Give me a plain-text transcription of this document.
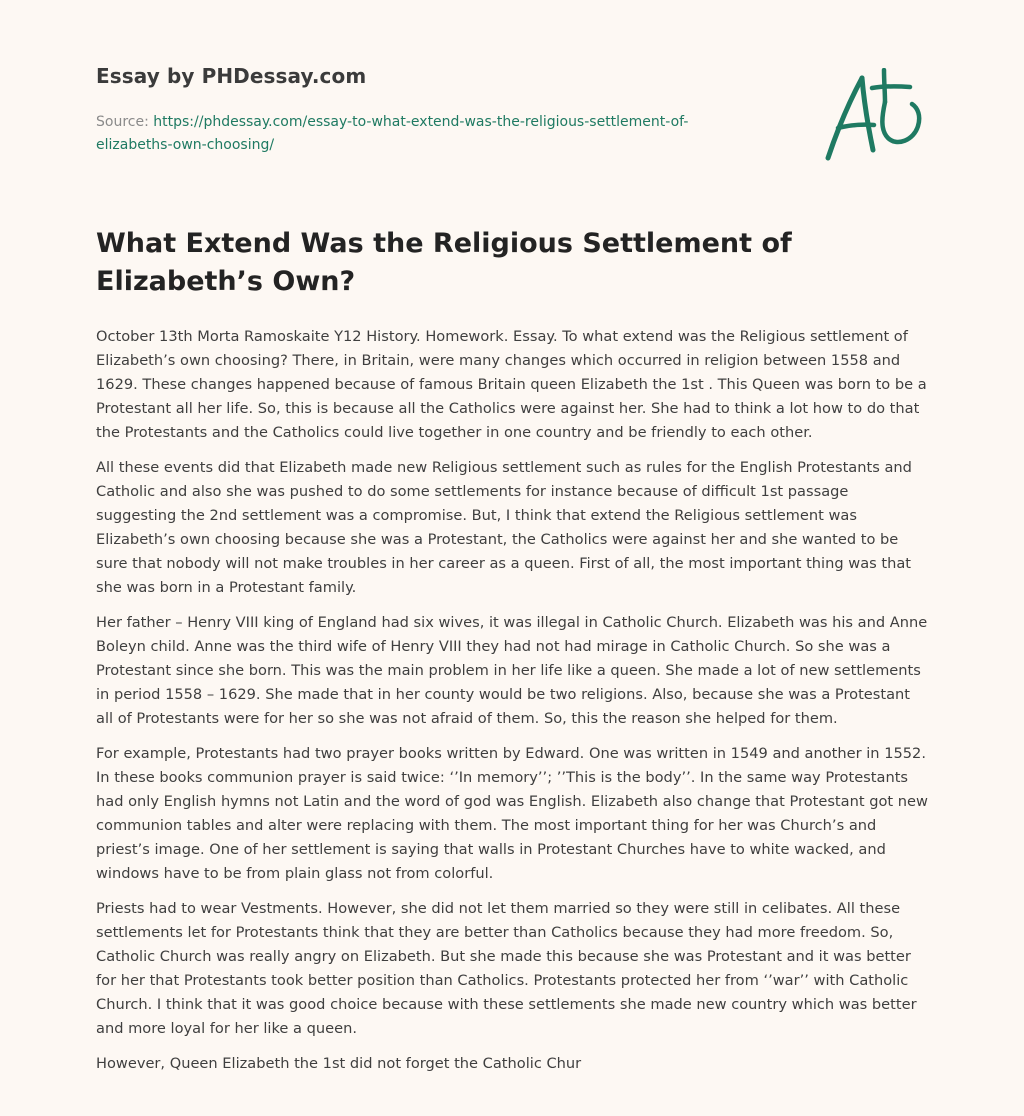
Essay by PHDessay.com
Source: https://phdessay.com/essay-to-what-extend-was-the-religious-settlement-of-elizabeths-own-choosing/
What Extend Was the Religious Settlement of Elizabeth’s Own?

October 13th Morta Ramoskaite Y12 History. Homework. Essay. To what extend was the Religious settlement of Elizabeth’s own choosing? There, in Britain, were many changes which occurred in religion between 1558 and 1629. These changes happened because of famous Britain queen Elizabeth the 1st . This Queen was born to be a Protestant all her life. So, this is because all the Catholics were against her. She had to think a lot how to do that the Protestants and the Catholics could live together in one country and be friendly to each other.

All these events did that Elizabeth made new Religious settlement such as rules for the English Protestants and Catholic and also she was pushed to do some settlements for instance because of difficult 1st passage suggesting the 2nd settlement was a compromise. But, I think that extend the Religious settlement was Elizabeth’s own choosing because she was a Protestant, the Catholics were against her and she wanted to be sure that nobody will not make troubles in her career as a queen. First of all, the most important thing was that she was born in a Protestant family.

Her father – Henry VIII king of England had six wives, it was illegal in Catholic Church. Elizabeth was his and Anne Boleyn child. Anne was the third wife of Henry VIII they had not had mirage in Catholic Church. So she was a Protestant since she born. This was the main problem in her life like a queen. She made a lot of new settlements in period 1558 – 1629. She made that in her county would be two religions. Also, because she was a Protestant all of Protestants were for her so she was not afraid of them. So, this the reason she helped for them.

For example, Protestants had two prayer books written by Edward. One was written in 1549 and another in 1552. In these books communion prayer is said twice: ‘’In memory’’; ’’This is the body’’. In the same way Protestants had only English hymns not Latin and the word of god was English. Elizabeth also change that Protestant got new communion tables and alter were replacing with them. The most important thing for her was Church’s and priest’s image. One of her settlement is saying that walls in Protestant Churches have to white wacked, and windows have to be from plain glass not from colorful.

Priests had to wear Vestments. However, she did not let them married so they were still in celibates. All these settlements let for Protestants think that they are better than Catholics because they had more freedom. So, Catholic Church was really angry on Elizabeth. But she made this because she was Protestant and it was better for her that Protestants took better position than Catholics. Protestants protected her from ‘’war’’ with Catholic Church. I think that it was good choice because with these settlements she made new country which was better and more loyal for her like a queen.

However, Queen Elizabeth the 1st did not forget the Catholic Chur
